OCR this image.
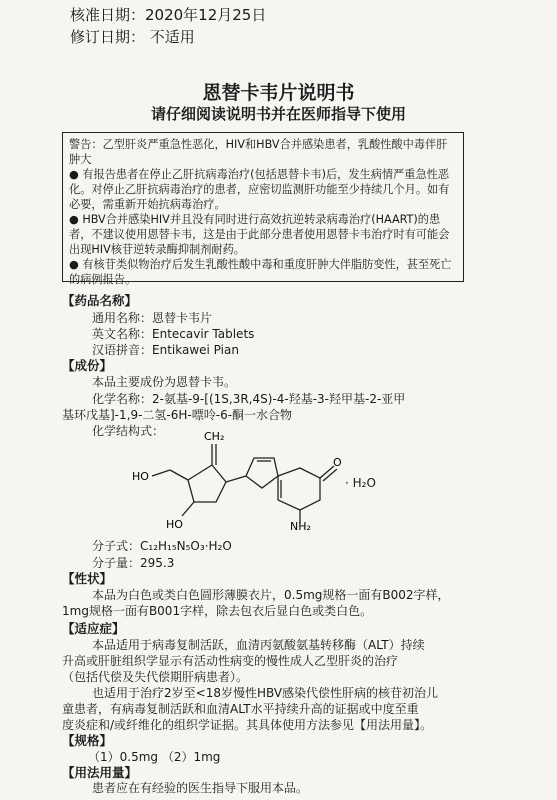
核准日期：2020年12月25日
修订日期： 不适用
恩替卡韦片说明书
请仔细阅读说明书并在医师指导下使用

警告：乙型肝炎严重急性恶化，HIV和HBV合并感染患者，乳酸性酸中毒伴肝肿大

● 有报告患者在停止乙肝抗病毒治疗(包括恩替卡韦)后，发生病情严重急性恶化。对停止乙肝抗病毒治疗的患者，应密切监测肝功能至少持续几个月。如有必要，需重新开始抗病毒治疗。

● HBV合并感染HIV并且没有同时进行高效抗逆转录病毒治疗(HAART)的患者，不建议使用恩替卡韦，这是由于此部分患者使用恩替卡韦治疗时有可能会出现HIV核苷逆转录酶抑制剂耐药。

● 有核苷类似物治疗后发生乳酸性酸中毒和重度肝肿大伴脂肪变性，甚至死亡的病例报告。

【药品名称】
通用名称：恩替卡韦片
英文名称：Entecavir Tablets
汉语拼音：Entikawei Pian
【成份】
本品主要成份为恩替卡韦。
化学名称：2-氨基-9-[(1S,3R,4S)-4-羟基-3-羟甲基-2-亚甲
基环戊基]-1,9-二氢-6H-嘌呤-6-酮一水合物
化学结构式：	CH₂
HO
HO
O
NH₂
· H₂O
分子式：C₁₂H₁₅N₅O₃·H₂O
分子量：295.3
【性状】
本品为白色或类白色圆形薄膜衣片，0.5mg规格一面有B002字样，
1mg规格一面有B001字样，除去包衣后显白色或类白色。
【适应症】
本品适用于病毒复制活跃，血清丙氨酸氨基转移酶（ALT）持续
升高或肝脏组织学显示有活动性病变的慢性成人乙型肝炎的治疗
（包括代偿及失代偿期肝病患者）。
也适用于治疗2岁至<18岁慢性HBV感染代偿性肝病的核苷初治儿
童患者，有病毒复制活跃和血清ALT水平持续升高的证据或中度至重
度炎症和/或纤维化的组织学证据。其具体使用方法参见【用法用量】。
【规格】
（1）0.5mg （2）1mg
【用法用量】
患者应在有经验的医生指导下服用本品。
